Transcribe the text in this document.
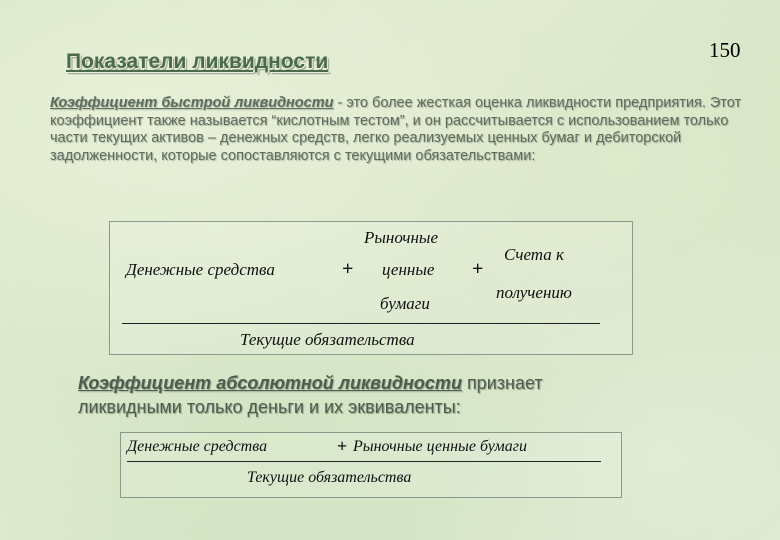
150
Показатели ликвидности
Коэффициент быстрой ликвидности - это более жесткая оценка ликвидности предприятия. Этот коэффициент также называется “кислотным тестом”, и он рассчитывается с использованием только части текущих активов – денежных средств, легко реализуемых ценных бумаг и дебиторской задолженности, которые сопоставляются с текущими обязательствами:
Денежные средства	+
Рыночные
ценные
бумаги
+
Счета к
получению
Текущие обязательства
Коэффициент абсолютной ликвидности признает ликвидными только деньги и их эквиваленты:
Денежные средства	+ Рыночные ценные бумаги
Текущие обязательства
